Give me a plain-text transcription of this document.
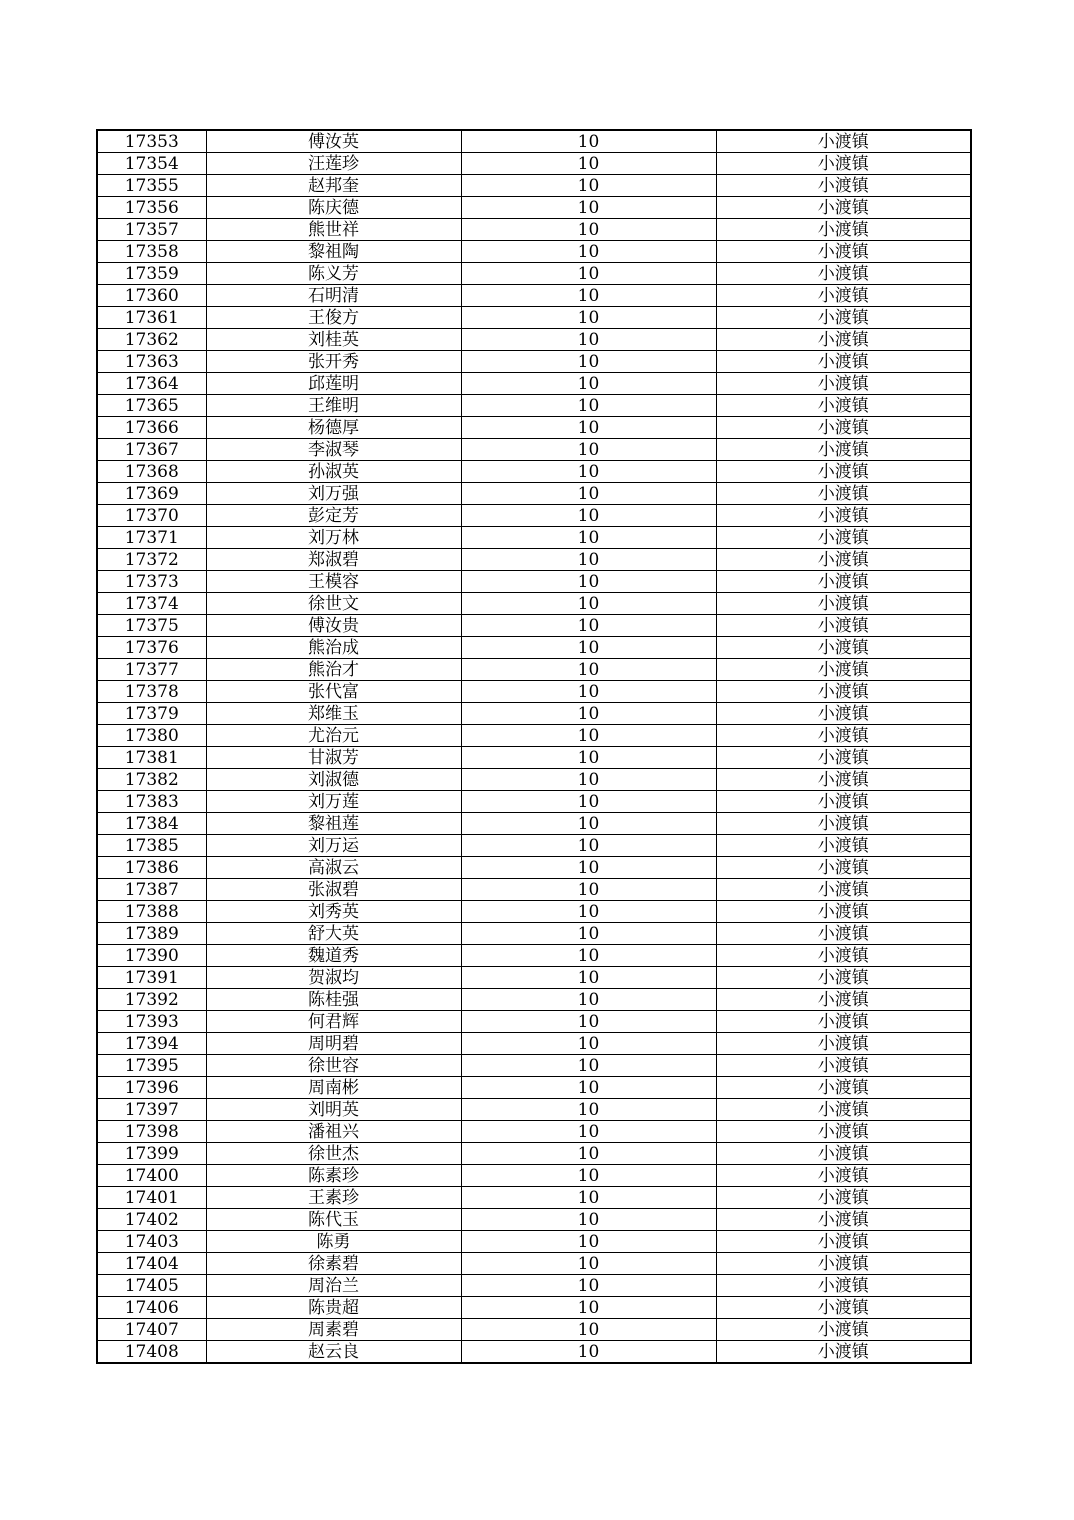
17353	傅汝英	10	小渡镇
17354	汪莲珍	10	小渡镇
17355	赵邦奎	10	小渡镇
17356	陈庆德	10	小渡镇
17357	熊世祥	10	小渡镇
17358	黎祖陶	10	小渡镇
17359	陈义芳	10	小渡镇
17360	石明清	10	小渡镇
17361	王俊方	10	小渡镇
17362	刘桂英	10	小渡镇
17363	张开秀	10	小渡镇
17364	邱莲明	10	小渡镇
17365	王维明	10	小渡镇
17366	杨德厚	10	小渡镇
17367	李淑琴	10	小渡镇
17368	孙淑英	10	小渡镇
17369	刘万强	10	小渡镇
17370	彭定芳	10	小渡镇
17371	刘万林	10	小渡镇
17372	郑淑碧	10	小渡镇
17373	王模容	10	小渡镇
17374	徐世文	10	小渡镇
17375	傅汝贵	10	小渡镇
17376	熊治成	10	小渡镇
17377	熊治才	10	小渡镇
17378	张代富	10	小渡镇
17379	郑维玉	10	小渡镇
17380	尤治元	10	小渡镇
17381	甘淑芳	10	小渡镇
17382	刘淑德	10	小渡镇
17383	刘万莲	10	小渡镇
17384	黎祖莲	10	小渡镇
17385	刘万运	10	小渡镇
17386	高淑云	10	小渡镇
17387	张淑碧	10	小渡镇
17388	刘秀英	10	小渡镇
17389	舒大英	10	小渡镇
17390	魏道秀	10	小渡镇
17391	贺淑均	10	小渡镇
17392	陈桂强	10	小渡镇
17393	何君辉	10	小渡镇
17394	周明碧	10	小渡镇
17395	徐世容	10	小渡镇
17396	周南彬	10	小渡镇
17397	刘明英	10	小渡镇
17398	潘祖兴	10	小渡镇
17399	徐世杰	10	小渡镇
17400	陈素珍	10	小渡镇
17401	王素珍	10	小渡镇
17402	陈代玉	10	小渡镇
17403	陈勇	10	小渡镇
17404	徐素碧	10	小渡镇
17405	周治兰	10	小渡镇
17406	陈贵超	10	小渡镇
17407	周素碧	10	小渡镇
17408	赵云良	10	小渡镇
